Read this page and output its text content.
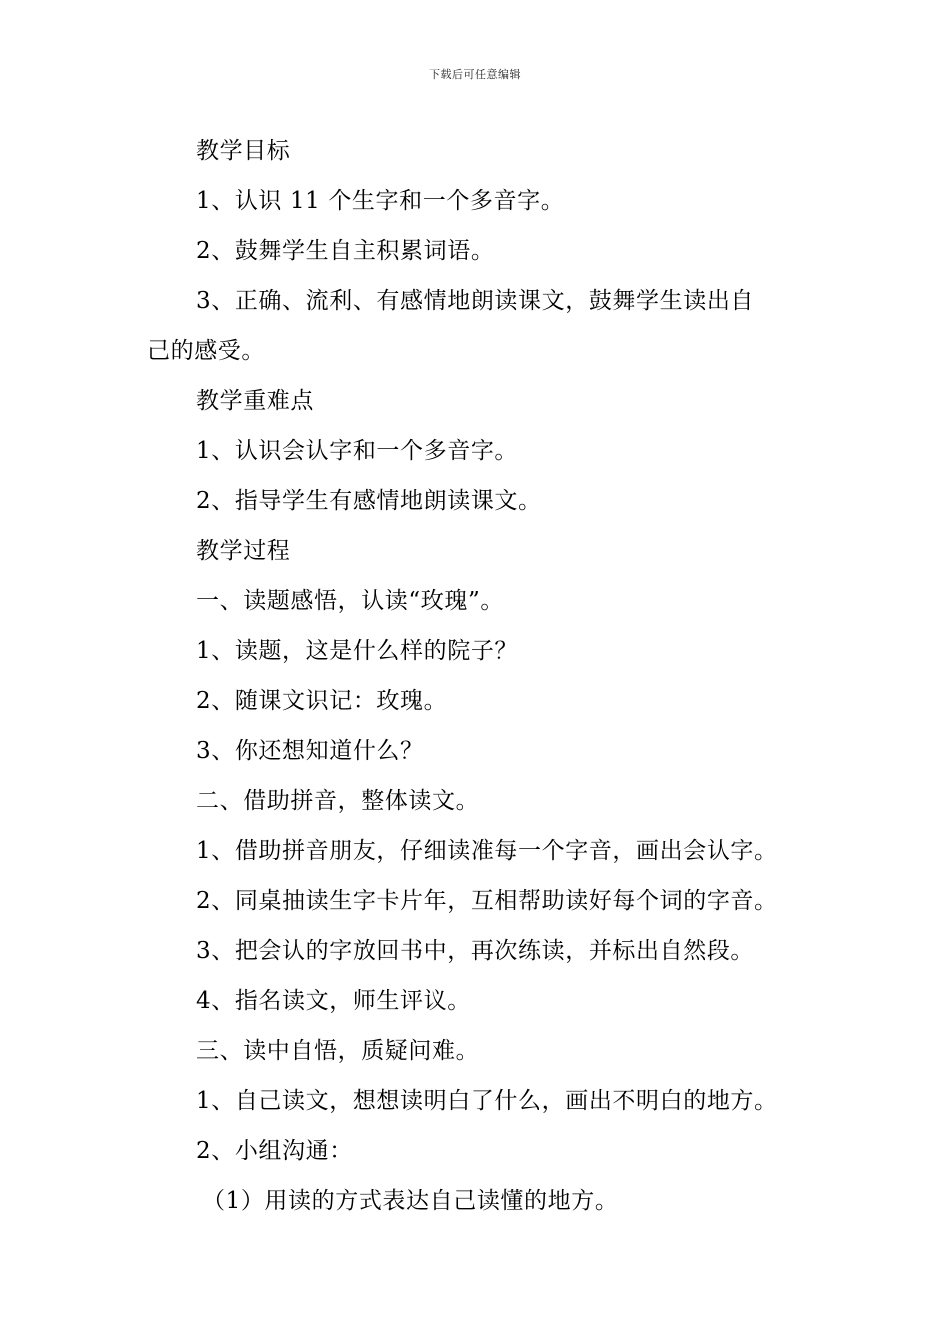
下载后可任意编辑
教学目标
1、认识 11 个生字和一个多音字。
2、鼓舞学生自主积累词语。
3、正确、流利、有感情地朗读课文，鼓舞学生读出自
己的感受。
教学重难点
1、认识会认字和一个多音字。
2、指导学生有感情地朗读课文。
教学过程
一、读题感悟，认读“玫瑰”。
1、读题，这是什么样的院子？
2、随课文识记：玫瑰。
3、你还想知道什么？
二、借助拼音，整体读文。
1、借助拼音朋友，仔细读准每一个字音，画出会认字。
2、同桌抽读生字卡片年，互相帮助读好每个词的字音。
3、把会认的字放回书中，再次练读，并标出自然段。
4、指名读文，师生评议。
三、读中自悟，质疑问难。
1、自己读文，想想读明白了什么，画出不明白的地方。
2、小组沟通：
（1）用读的方式表达自己读懂的地方。
